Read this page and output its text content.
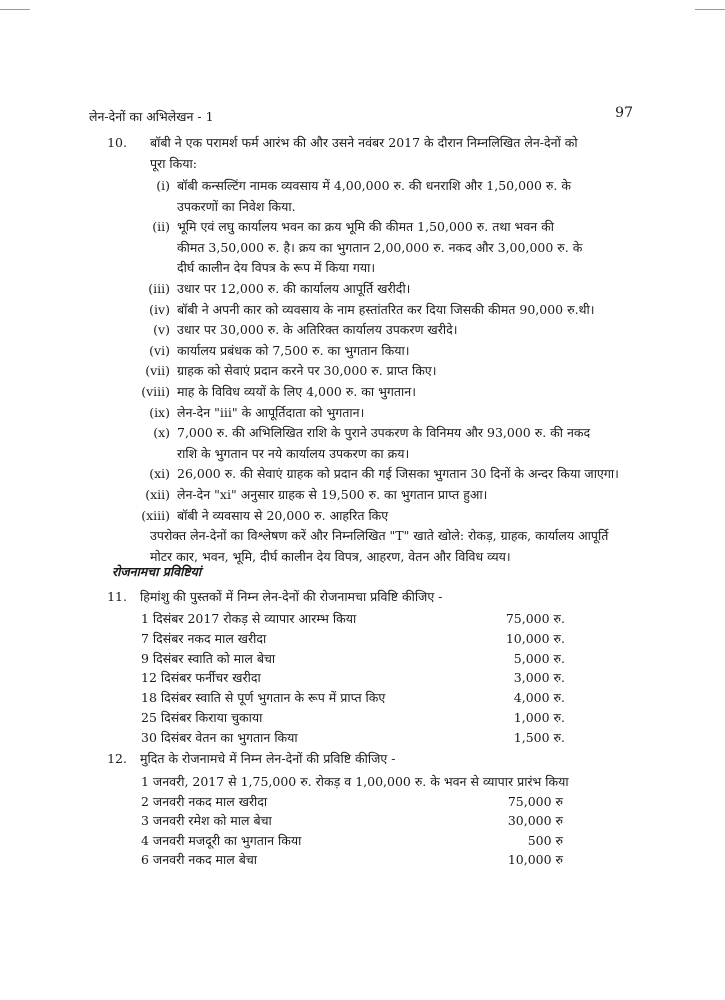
लेन-देनों का अभिलेखन - 1	97
10. बॉबी ने एक परामर्श फर्म आरंभ की और उसने नवंबर 2017 के दौरान निम्नलिखित लेन-देनों को
पूरा किया:
(i) बॉबी कन्सल्टिंग नामक व्यवसाय में 4,00,000 रु. की धनराशि और 1,50,000 रु. के
उपकरणों का निवेश किया.
(ii) भूमि एवं लघु कार्यालय भवन का क्रय भूमि की कीमत 1,50,000 रु. तथा भवन की
कीमत 3,50,000 रु. है। क्रय का भुगतान 2,00,000 रु. नकद और 3,00,000 रु. के
दीर्घ कालीन देय विपत्र के रूप में किया गया।
(iii) उधार पर 12,000 रु. की कार्यालय आपूर्ति खरीदी।
(iv) बॉबी ने अपनी कार को व्यवसाय के नाम हस्तांतरित कर दिया जिसकी कीमत 90,000 रु.थी।
(v) उधार पर 30,000 रु. के अतिरिक्त कार्यालय उपकरण खरीदे।
(vi) कार्यालय प्रबंधक को 7,500 रु. का भुगतान किया।
(vii) ग्राहक को सेवाएं प्रदान करने पर 30,000 रु. प्राप्त किए।
(viii) माह के विविध व्ययों के लिए 4,000 रु. का भुगतान।
(ix) लेन-देन "iii" के आपूर्तिदाता को भुगतान।
(x) 7,000 रु. की अभिलिखित राशि के पुराने उपकरण के विनिमय और 93,000 रु. की नकद
राशि के भुगतान पर नये कार्यालय उपकरण का क्रय।
(xi) 26,000 रु. की सेवाएं ग्राहक को प्रदान की गई जिसका भुगतान 30 दिनों के अन्दर किया जाएगा।
(xii) लेन-देन "xi" अनुसार ग्राहक से 19,500 रु. का भुगतान प्राप्त हुआ।
(xiii) बॉबी ने व्यवसाय से 20,000 रु. आहरित किए
उपरोक्त लेन-देनों का विश्लेषण करें और निम्नलिखित "T" खाते खोले: रोकड़, ग्राहक, कार्यालय आपूर्ति
मोटर कार, भवन, भूमि, दीर्घ कालीन देय विपत्र, आहरण, वेतन और विविध व्यय।
रोजनामचा प्रविष्टियां
11. हिमांशु की पुस्तकों में निम्न लेन-देनों की रोजनामचा प्रविष्टि कीजिए -
1 दिसंबर 2017 रोकड़ से व्यापार आरम्भ किया	75,000 रु.
7 दिसंबर नकद माल खरीदा	10,000 रु.
9 दिसंबर स्वाति को माल बेचा	5,000 रु.
12 दिसंबर फर्नीचर खरीदा	3,000 रु.
18 दिसंबर स्वाति से पूर्ण भुगतान के रूप में प्राप्त किए	4,000 रु.
25 दिसंबर किराया चुकाया	1,000 रु.
30 दिसंबर वेतन का भुगतान किया	1,500 रु.
12. मुदित के रोजनामचे में निम्न लेन-देनों की प्रविष्टि कीजिए -
1 जनवरी, 2017 से 1,75,000 रु. रोकड़ व 1,00,000 रु. के भवन से व्यापार प्रारंभ किया
2 जनवरी नकद माल खरीदा	75,000 रु
3 जनवरी रमेश को माल बेचा	30,000 रु
4 जनवरी मजदूरी का भुगतान किया	500 रु
6 जनवरी नकद माल बेचा	10,000 रु
